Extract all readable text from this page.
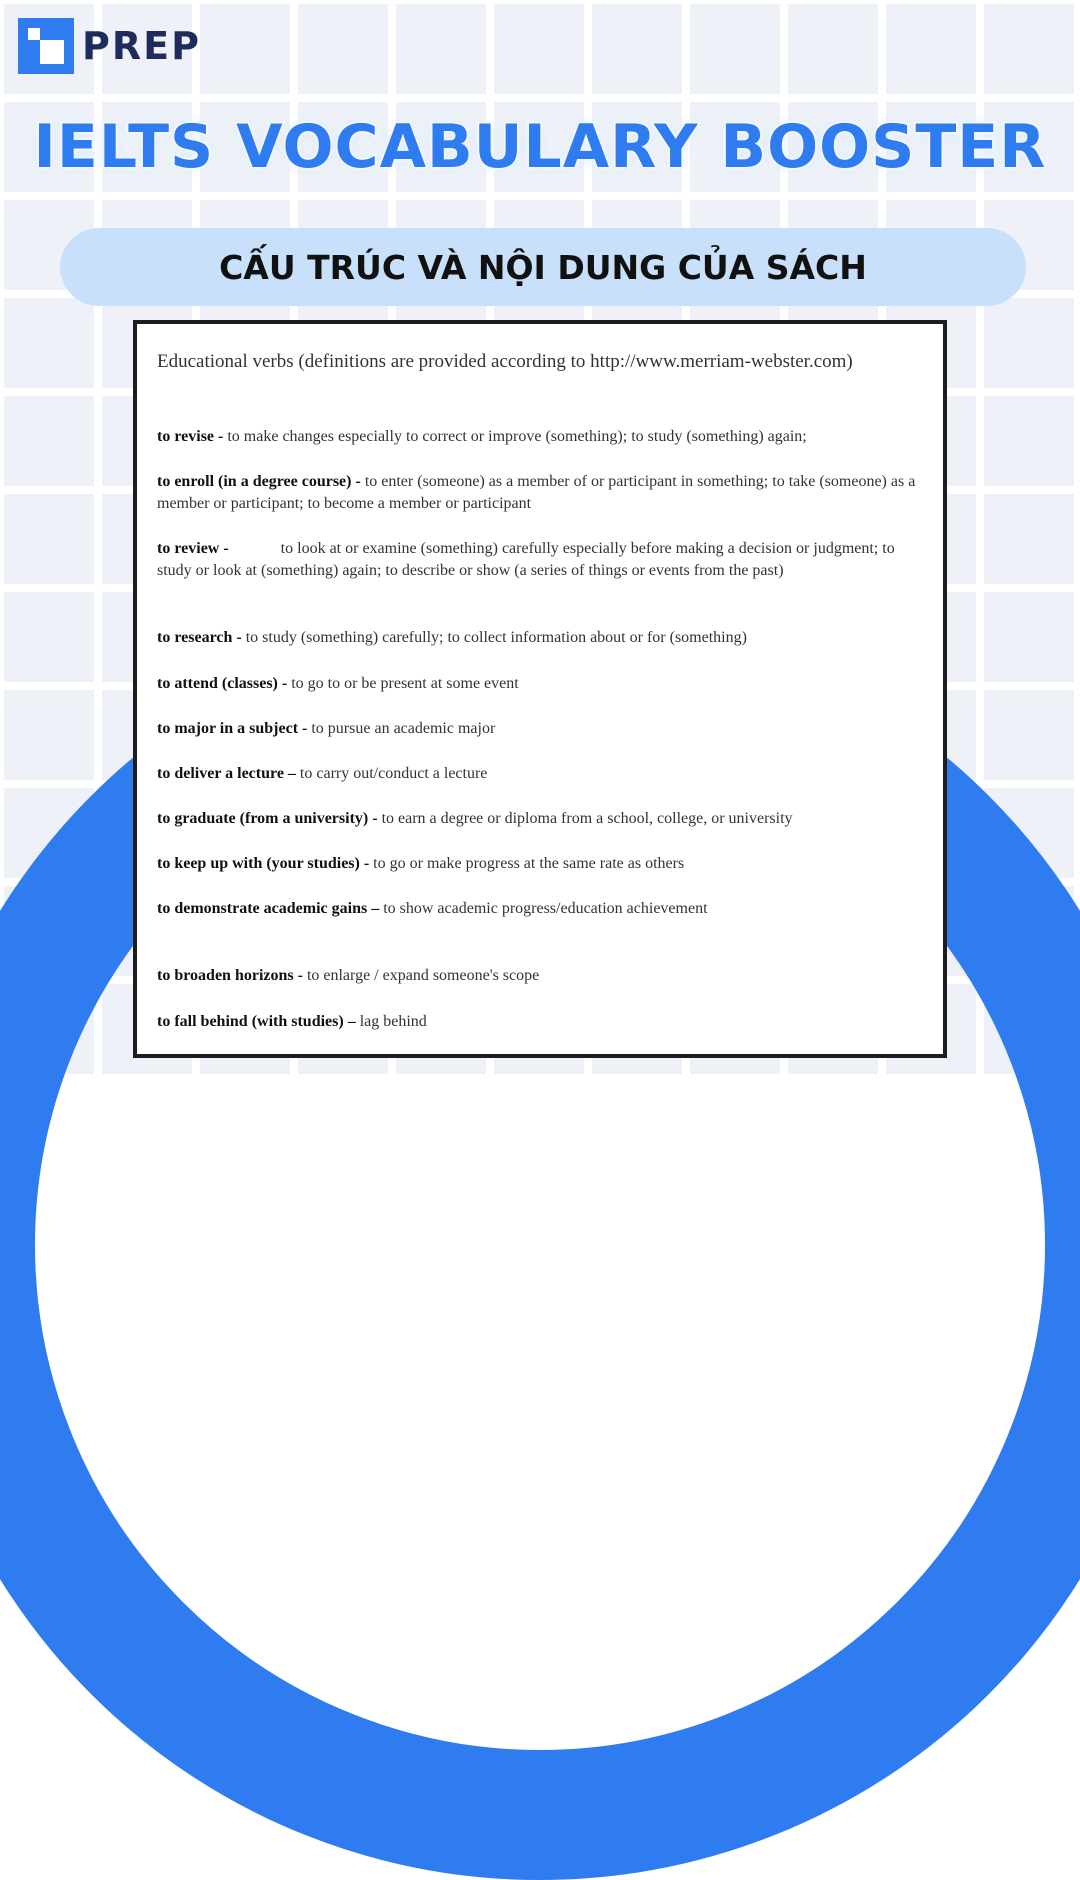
PREP
IELTS VOCABULARY BOOSTER
CẤU TRÚC VÀ NỘI DUNG CỦA SÁCH
Educational verbs (definitions are provided according to http://www.merriam-webster.com)
to revise - to make changes especially to correct or improve (something); to study (something) again;
to enroll (in a degree course) - to enter (someone) as a member of or participant in something; to take (someone) as a member or participant; to become a member or participant
to review -             to look at or examine (something) carefully especially before making a decision or judgment; to study or look at (something) again; to describe or show (a series of things or events from the past)
to research - to study (something) carefully; to collect information about or for (something)
to attend (classes) - to go to or be present at some event
to major in a subject - to pursue an academic major
to deliver a lecture – to carry out/conduct a lecture
to graduate (from a university) - to earn a degree or diploma from a school, college, or university
to keep up with (your studies) - to go or make progress at the same rate as others
to demonstrate academic gains – to show academic progress/education achievement
to broaden horizons - to enlarge / expand someone's scope
to fall behind (with studies) – lag behind
